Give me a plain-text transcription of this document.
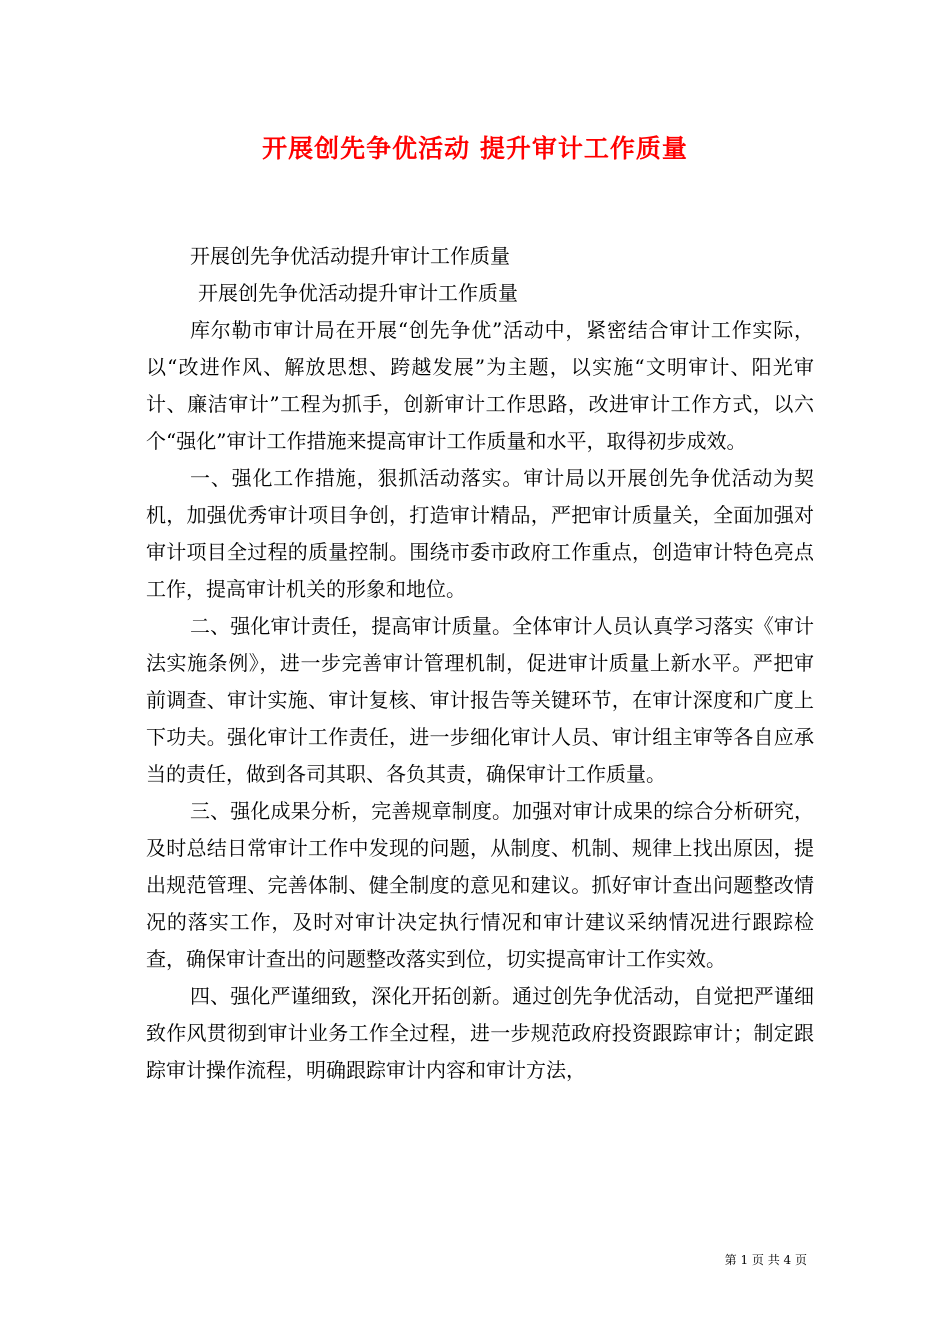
开展创先争优活动 提升审计工作质量

开展创先争优活动提升审计工作质量

开展创先争优活动提升审计工作质量

库尔勒市审计局在开展“创先争优”活动中，紧密结合审计工作实际，以“改进作风、解放思想、跨越发展”为主题，以实施“文明审计、阳光审计、廉洁审计”工程为抓手，创新审计工作思路，改进审计工作方式，以六个“强化”审计工作措施来提高审计工作质量和水平，取得初步成效。

一、强化工作措施，狠抓活动落实。审计局以开展创先争优活动为契机，加强优秀审计项目争创，打造审计精品，严把审计质量关，全面加强对审计项目全过程的质量控制。围绕市委市政府工作重点，创造审计特色亮点工作，提高审计机关的形象和地位。

二、强化审计责任，提高审计质量。全体审计人员认真学习落实《审计法实施条例》，进一步完善审计管理机制，促进审计质量上新水平。严把审前调查、审计实施、审计复核、审计报告等关键环节，在审计深度和广度上下功夫。强化审计工作责任，进一步细化审计人员、审计组主审等各自应承当的责任，做到各司其职、各负其责，确保审计工作质量。

三、强化成果分析，完善规章制度。加强对审计成果的综合分析研究，及时总结日常审计工作中发现的问题，从制度、机制、规律上找出原因，提出规范管理、完善体制、健全制度的意见和建议。抓好审计查出问题整改情况的落实工作，及时对审计决定执行情况和审计建议采纳情况进行跟踪检查，确保审计查出的问题整改落实到位，切实提高审计工作实效。

四、强化严谨细致，深化开拓创新。通过创先争优活动，自觉把严谨细致作风贯彻到审计业务工作全过程，进一步规范政府投资跟踪审计；制定跟踪审计操作流程，明确跟踪审计内容和审计方法，

第 1 页 共 4 页
